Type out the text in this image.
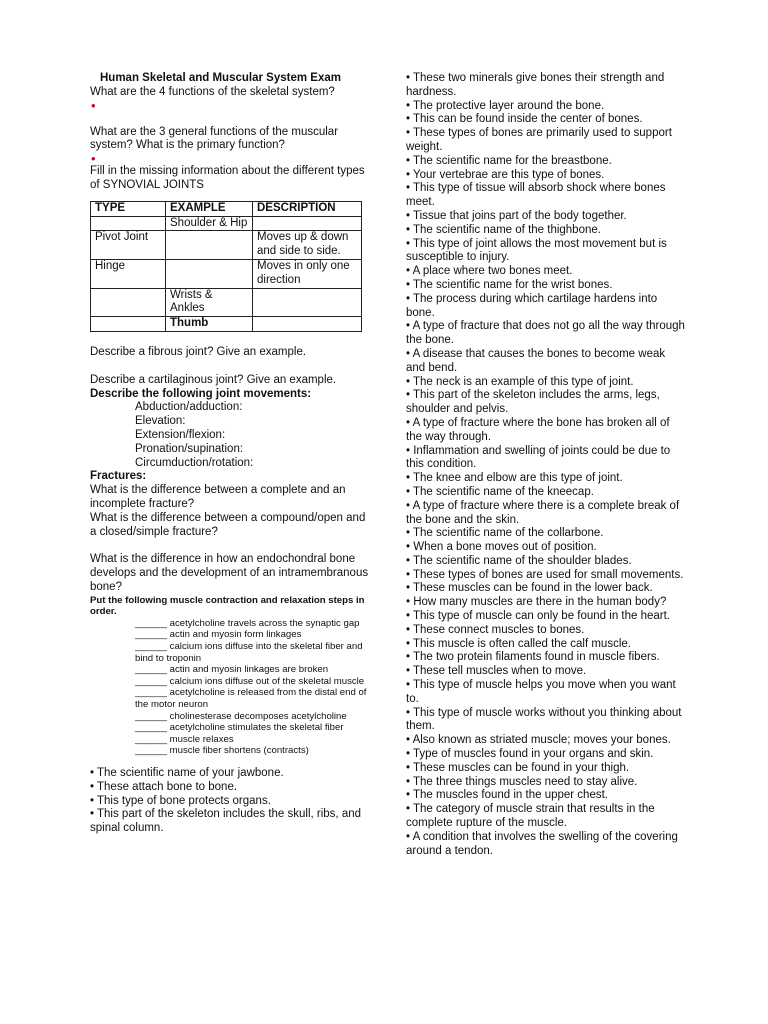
Human Skeletal and Muscular System Exam

What are the 4 functions of the skeletal system?

•

What are the 3 general functions of the muscular system? What is the primary function?

•

Fill in the missing information about the different types of SYNOVIAL JOINTS

TYPE	EXAMPLE	DESCRIPTION
	Shoulder & Hip	
Pivot Joint		Moves up & down and side to side.
Hinge		Moves in only one direction
	Wrists & Ankles	
	Thumb	

Describe a fibrous joint? Give an example.

Describe a cartilaginous joint? Give an example.

Describe the following joint movements:

Abduction/adduction:

Elevation:

Extension/flexion:

Pronation/supination:

Circumduction/rotation:

Fractures:

What is the difference between a complete and an incomplete fracture?

What is the difference between a compound/open and a closed/simple fracture?

What is the difference in how an endochondral bone develops and the development of an intramembranous bone?

Put the following muscle contraction and relaxation steps in order.

______ acetylcholine travels across the synaptic gap

______ actin and myosin form linkages

______ calcium ions diffuse into the skeletal fiber and bind to troponin

______ actin and myosin linkages are broken

______ calcium ions diffuse out of the skeletal muscle

______ acetylcholine is released from the distal end of the motor neuron

______ cholinesterase decomposes acetylcholine

______ acetylcholine stimulates the skeletal fiber

______ muscle relaxes

______ muscle fiber shortens (contracts)

• The scientific name of your jawbone.

• These attach bone to bone.

• This type of bone protects organs.

• This part of the skeleton includes the skull, ribs, and spinal column.

• These two minerals give bones their strength and hardness.

• The protective layer around the bone.

• This can be found inside the center of bones.

• These types of bones are primarily used to support weight.

• The scientific name for the breastbone.

• Your vertebrae are this type of bones.

• This type of tissue will absorb shock where bones meet.

• Tissue that joins part of the body together.

• The scientific name of the thighbone.

• This type of joint allows the most movement but is susceptible to injury.

• A place where two bones meet.

• The scientific name for the wrist bones.

• The process during which cartilage hardens into bone.

• A type of fracture that does not go all the way through the bone.

• A disease that causes the bones to become weak and bend.

• The neck is an example of this type of joint.

• This part of the skeleton includes the arms, legs, shoulder and pelvis.

• A type of fracture where the bone has broken all of the way through.

• Inflammation and swelling of joints could be due to this condition.

• The knee and elbow are this type of joint.

• The scientific name of the kneecap.

• A type of fracture where there is a complete break of the bone and the skin.

• The scientific name of the collarbone.

• When a bone moves out of position.

• The scientific name of the shoulder blades.

• These types of bones are used for small movements.

• These muscles can be found in the lower back.

• How many muscles are there in the human body?

• This type of muscle can only be found in the heart.

• These connect muscles to bones.

• This muscle is often called the calf muscle.

• The two protein filaments found in muscle fibers.

• These tell muscles when to move.

• This type of muscle helps you move when you want to.

• This type of muscle works without you thinking about them.

• Also known as striated muscle; moves your bones.

• Type of muscles found in your organs and skin.

• These muscles can be found in your thigh.

• The three things muscles need to stay alive.

• The muscles found in the upper chest.

• The category of muscle strain that results in the complete rupture of the muscle.

• A condition that involves the swelling of the covering around a tendon.
